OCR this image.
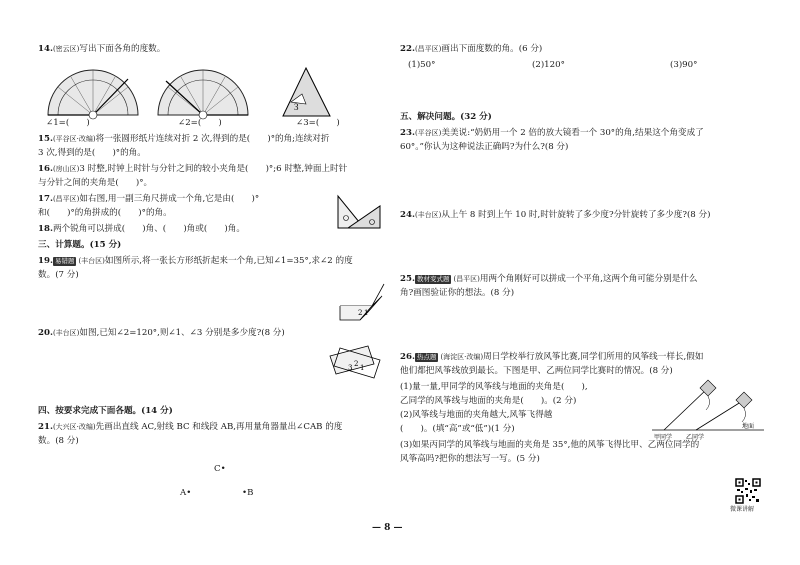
14.(密云区)写出下面各角的度数。
3
∠1=(　　)	∠2=(　　)	∠3=(　　)
15.(平谷区·改编)将一张圆形纸片连续对折 2 次,得到的是(　　)°的角;连续对折
3 次,得到的是(　　)°的角。
16.(房山区)3 时整,时钟上时针与分针之间的较小夹角是(　　)°;6 时整,钟面上时针
与分针之间的夹角是(　　)°。
17.(昌平区)如右图,用一副三角尺拼成一个角,它是由(　　)°
和(　　)°的角拼成的(　　)°的角。
18.两个锐角可以拼成(　　)角、(　　)角或(　　)角。
三、计算题。(15 分)
19. 易错题 (丰台区)如图所示,将一张长方形纸折起来一个角,已知∠1=35°,求∠2 的度
数。(7 分)
2 1
20.(丰台区)如图,已知∠2=120°,则∠1、∠3 分别是多少度?(8 分)
3 2 1
四、按要求完成下面各题。(14 分)
21.(大兴区·改编)先画出直线 AC,射线 BC 和线段 AB,再用量角器量出∠CAB 的度
数。(8 分)
C•
A•	•B
22.(昌平区)画出下面度数的角。(6 分)
(1)50°	(2)120°	(3)90°
五、解决问题。(32 分)
23.(平谷区)美美说:“奶奶用一个 2 倍的放大镜看一个 30°的角,结果这个角变成了
60°。”你认为这种说法正确吗?为什么?(8 分)
24.(丰台区)从上午 8 时到上午 10 时,时针旋转了多少度?分针旋转了多少度?(8 分)
25. 教材变式题 (昌平区)用两个角刚好可以拼成一个平角,这两个角可能分别是什么
角?画图验证你的想法。(8 分)
26. 热点题 (海淀区·改编)周日学校举行放风筝比赛,同学们所用的风筝线一样长,假如
他们都把风筝线放到最长。下图是甲、乙两位同学比赛时的情况。(8 分)
(1)量一量,甲同学的风筝线与地面的夹角是(　　),
乙同学的风筝线与地面的夹角是(　　)。(2 分)
(2)风筝线与地面的夹角越大,风筝飞得越
(　　)。(填“高”或“低”)(1 分)
(3)如果丙同学的风筝线与地面的夹角是 35°,他的风筝飞得比甲、乙两位同学的
风筝高吗?把你的想法写一写。(5 分)
甲同学 乙同学
地面
— 8 —
微课讲解
